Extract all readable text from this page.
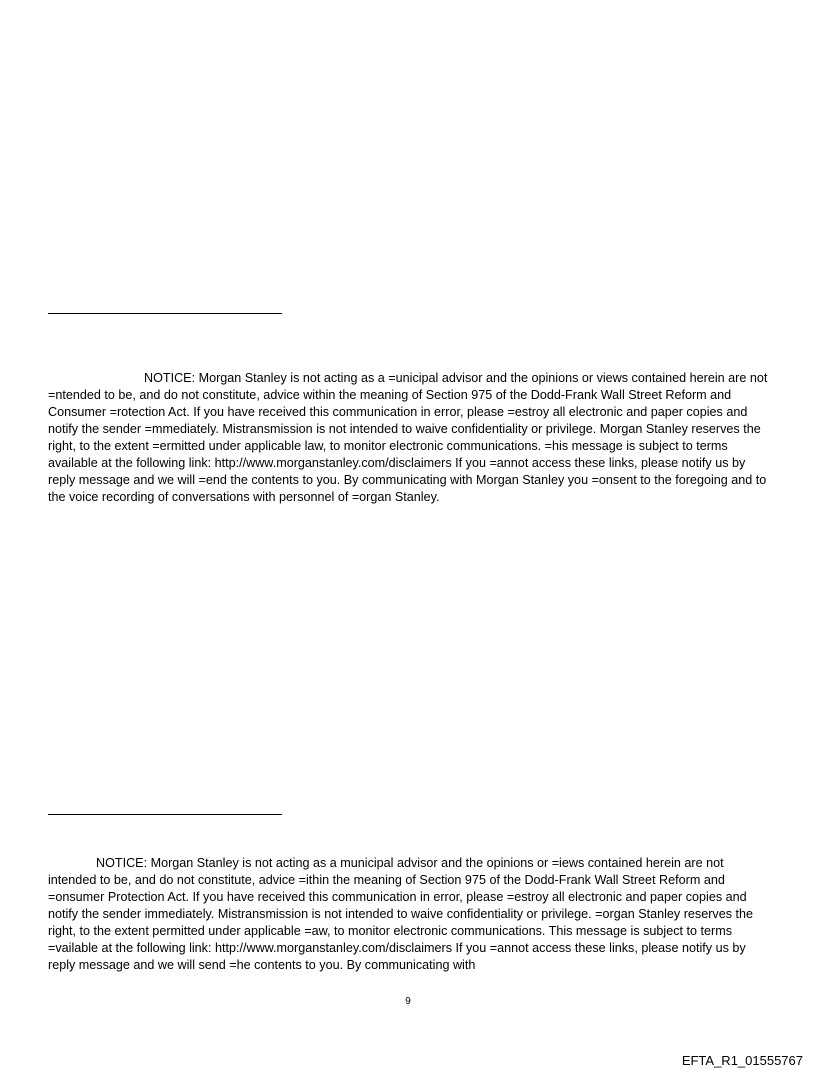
NOTICE: Morgan Stanley is not acting as a =unicipal advisor and the opinions or views contained herein are not =ntended to be, and do not constitute, advice within the meaning of Section 975 of the Dodd-Frank Wall Street Reform and Consumer =rotection Act. If you have received this communication in error, please =estroy all electronic and paper copies and notify the sender =mmediately. Mistransmission is not intended to waive confidentiality or privilege. Morgan Stanley reserves the right, to the extent =ermitted under applicable law, to monitor electronic communications. =his message is subject to terms available at the following link: http://www.morganstanley.com/disclaimers If you =annot access these links, please notify us by reply message and we will =end the contents to you. By communicating with Morgan Stanley you =onsent to the foregoing and to the voice recording of conversations with personnel of =organ Stanley.

NOTICE: Morgan Stanley is not acting as a municipal advisor and the opinions or =iews contained herein are not intended to be, and do not constitute, advice =ithin the meaning of Section 975 of the Dodd-Frank Wall Street Reform and =onsumer Protection Act. If you have received this communication in error, please =estroy all electronic and paper copies and notify the sender immediately. Mistransmission is not intended to waive confidentiality or privilege. =organ Stanley reserves the right, to the extent permitted under applicable =aw, to monitor electronic communications. This message is subject to terms =vailable at the following link: http://www.morganstanley.com/disclaimers If you =annot access these links, please notify us by reply message and we will send =he contents to you. By communicating with

9
EFTA_R1_01555767
